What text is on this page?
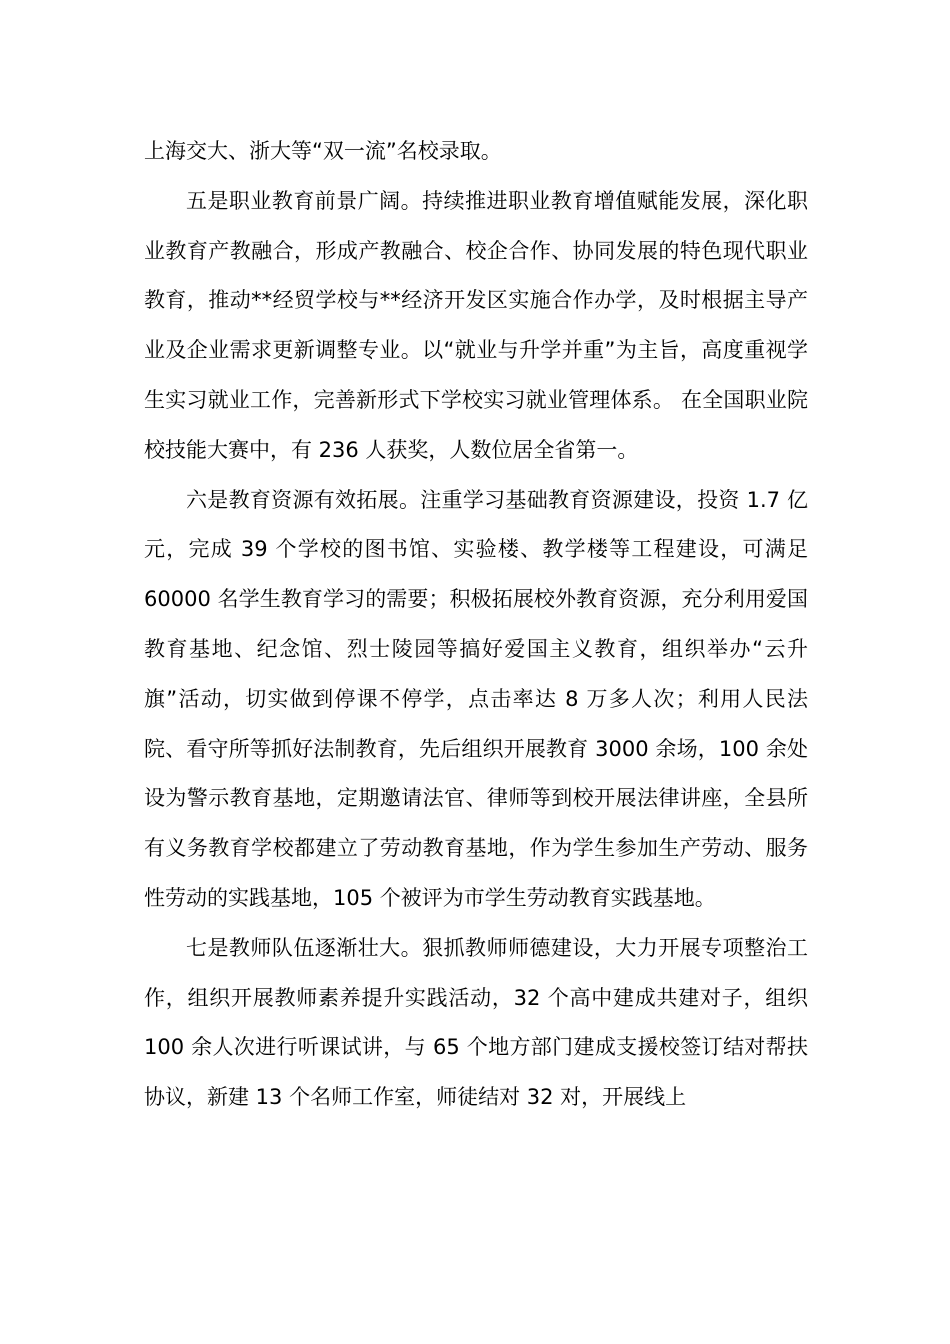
上海交大、浙大等“双一流”名校录取。

五是职业教育前景广阔。持续推进职业教育增值赋能发展，深化职业教育产教融合，形成产教融合、校企合作、协同发展的特色现代职业教育，推动**经贸学校与**经济开发区实施合作办学，及时根据主导产业及企业需求更新调整专业。以“就业与升学并重”为主旨，高度重视学生实习就业工作，完善新形式下学校实习就业管理体系。 在全国职业院校技能大赛中，有 236 人获奖，人数位居全省第一。

六是教育资源有效拓展。注重学习基础教育资源建设，投资 1.7 亿元，完成 39 个学校的图书馆、实验楼、教学楼等工程建设，可满足 60000 名学生教育学习的需要；积极拓展校外教育资源，充分利用爱国教育基地、纪念馆、烈士陵园等搞好爱国主义教育，组织举办“云升旗”活动，切实做到停课不停学，点击率达 8 万多人次；利用人民法院、看守所等抓好法制教育，先后组织开展教育 3000 余场，100 余处设为警示教育基地，定期邀请法官、律师等到校开展法律讲座，全县所有义务教育学校都建立了劳动教育基地，作为学生参加生产劳动、服务性劳动的实践基地，105 个被评为市学生劳动教育实践基地。

七是教师队伍逐渐壮大。狠抓教师师德建设，大力开展专项整治工作，组织开展教师素养提升实践活动，32 个高中建成共建对子，组织 100 余人次进行听课试讲，与 65 个地方部门建成支援校签订结对帮扶协议，新建 13 个名师工作室，师徒结对 32 对，开展线上
